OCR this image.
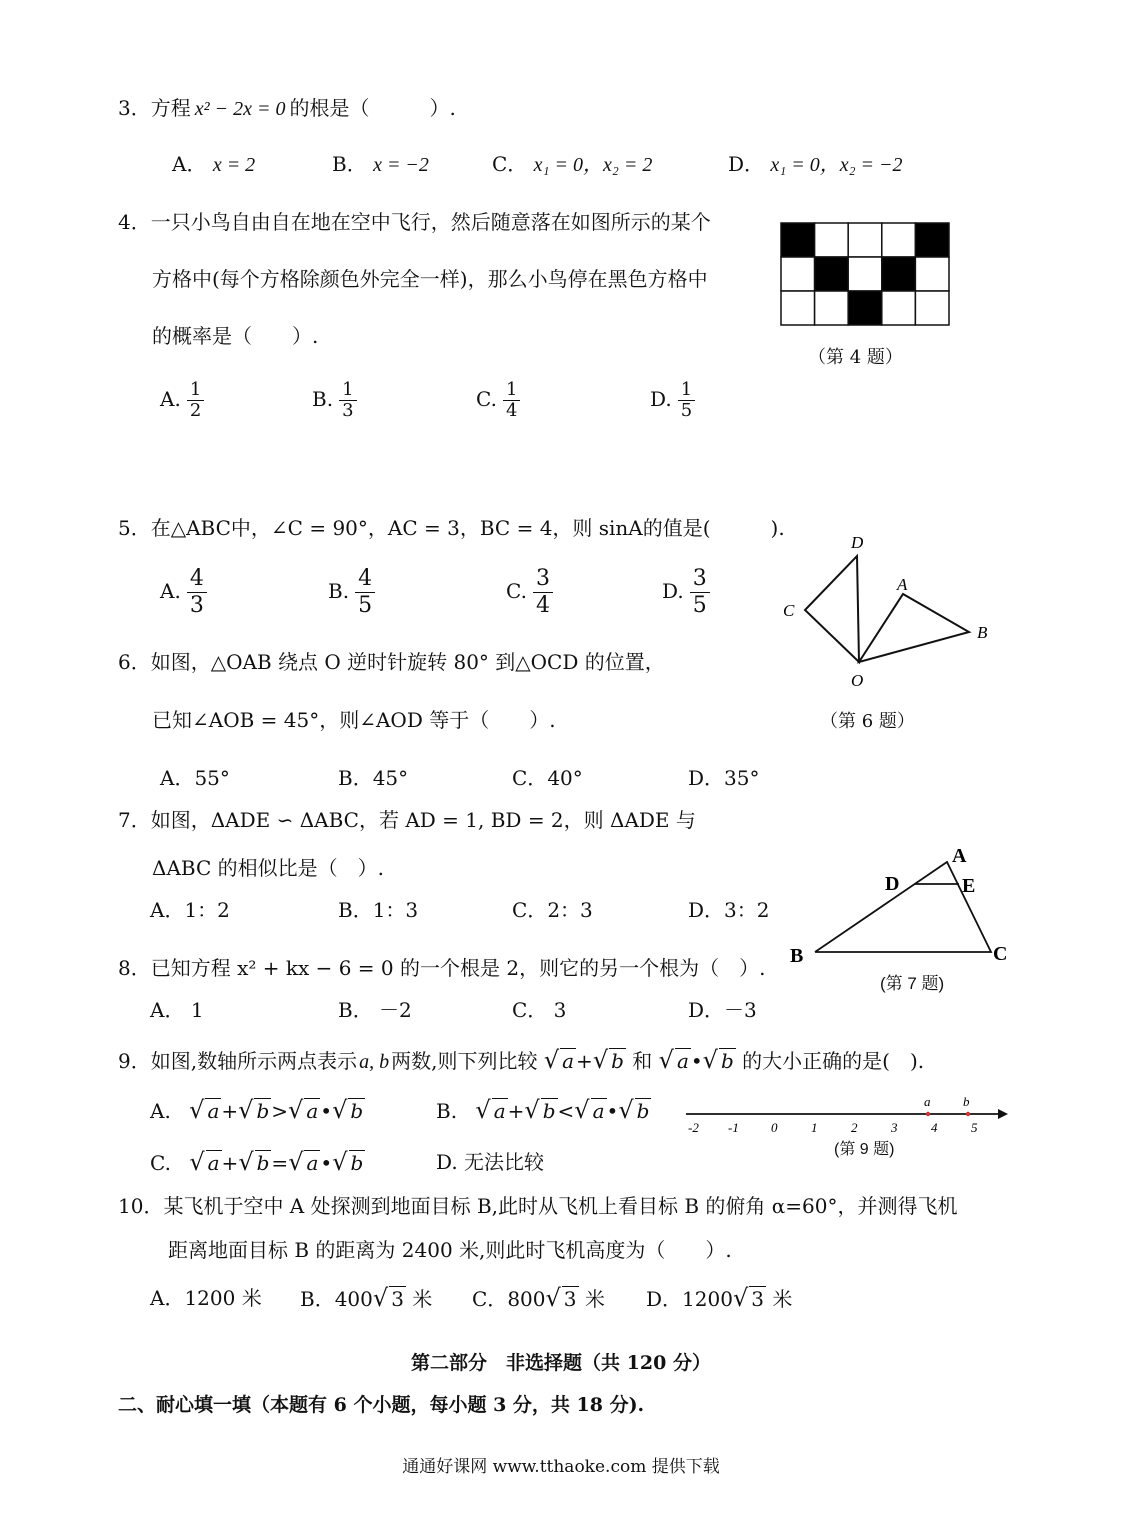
3．方程 x² − 2x = 0 的根是（　　　）.
A． x = 2	B． x = −2	C． x₁ = 0，x₂ = 2	D． x₁ = 0，x₂ = −2
4．一只小鸟自由自在地在空中飞行，然后随意落在如图所示的某个
方格中(每个方格除颜色外完全一样)，那么小鸟停在黑色方格中
的概率是（　　）.
（第 4 题）
A. $\frac{1}{2}$	B. $\frac{1}{3}$	C. $\frac{1}{4}$	D. $\frac{1}{5}$
5．在△ABC中，∠C = 90°，AC = 3，BC = 4，则 sinA的值是(　　　).
A. $\frac{4}{3}$	B. $\frac{4}{5}$	C. $\frac{3}{4}$	D. $\frac{3}{5}$
D
C
A
B
O
6．如图，△OAB 绕点 O 逆时针旋转 80° 到△OCD 的位置，
已知∠AOB = 45°，则∠AOD 等于（　　）.	（第 6 题）
A．55°	B．45°	C．40°	D．35°
7．如图，ΔADE ∽ ΔABC，若 AD = 1, BD = 2，则 ΔADE 与
ΔABC 的相似比是（　）.
A．1：2	B．1：3	C．2：3	D．3：2
A
D	E
B	C
(第 7 题)
8．已知方程 x² + kx − 6 = 0 的一个根是 2，则它的另一个根为（　）.
A． 1	B． －2	C． 3	D．－3
9．如图,数轴所示两点表示 a, b 两数,则下列比较 √ a +√ b 和 √ a •√ b 的大小正确的是(　).
A. √ a +√ b >√ a •√ b	B. √ a +√ b <√ a •√ b
C. √ a +√ b =√ a •√ b	D. 无法比较
-2 -1 0	1	2	3	4	5
a	b
(第 9 题)
10．某飞机于空中 A 处探测到地面目标 B,此时从飞机上看目标 B 的俯角 α=60°，并测得飞机
距离地面目标 B 的距离为 2400 米,则此时飞机高度为（　　）.
A．1200 米 B．400√ 3 米 C．800√ 3 米 D．1200√ 3 米
第二部分　非选择题（共 120 分）
二、耐心填一填（本题有 6 个小题，每小题 3 分，共 18 分).
通通好课网 www.tthaoke.com 提供下载
